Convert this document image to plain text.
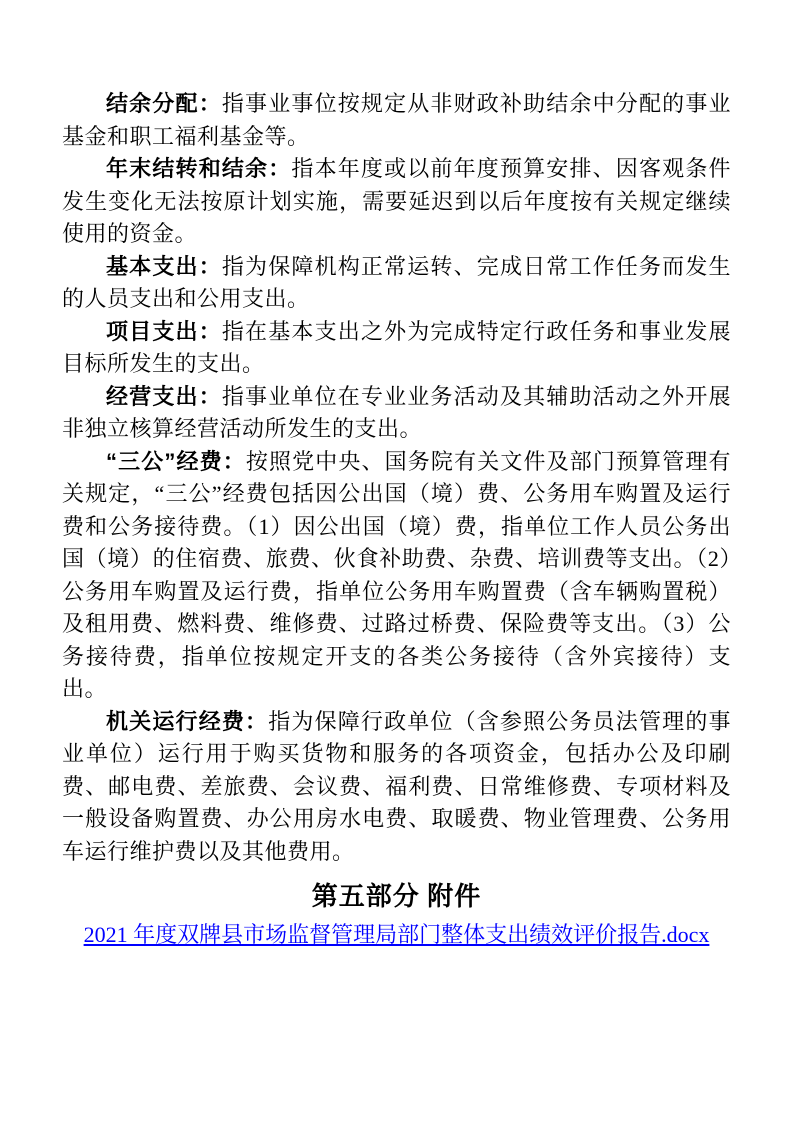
结余分配：指事业事位按规定从非财政补助结余中分配的事业基金和职工福利基金等。

年末结转和结余：指本年度或以前年度预算安排、因客观条件发生变化无法按原计划实施，需要延迟到以后年度按有关规定继续使用的资金。

基本支出：指为保障机构正常运转、完成日常工作任务而发生的人员支出和公用支出。

项目支出：指在基本支出之外为完成特定行政任务和事业发展目标所发生的支出。

经营支出：指事业单位在专业业务活动及其辅助活动之外开展非独立核算经营活动所发生的支出。

“三公”经费：按照党中央、国务院有关文件及部门预算管理有关规定，“三公”经费包括因公出国（境）费、公务用车购置及运行费和公务接待费。（1）因公出国（境）费，指单位工作人员公务出国（境）的住宿费、旅费、伙食补助费、杂费、培训费等支出。（2）公务用车购置及运行费，指单位公务用车购置费（含车辆购置税）及租用费、燃料费、维修费、过路过桥费、保险费等支出。（3）公务接待费，指单位按规定开支的各类公务接待（含外宾接待）支出。

机关运行经费：指为保障行政单位（含参照公务员法管理的事业单位）运行用于购买货物和服务的各项资金，包括办公及印刷费、邮电费、差旅费、会议费、福利费、日常维修费、专项材料及一般设备购置费、办公用房水电费、取暖费、物业管理费、公务用车运行维护费以及其他费用。

第五部分 附件

2021 年度双牌县市场监督管理局部门整体支出绩效评价报告.docx
